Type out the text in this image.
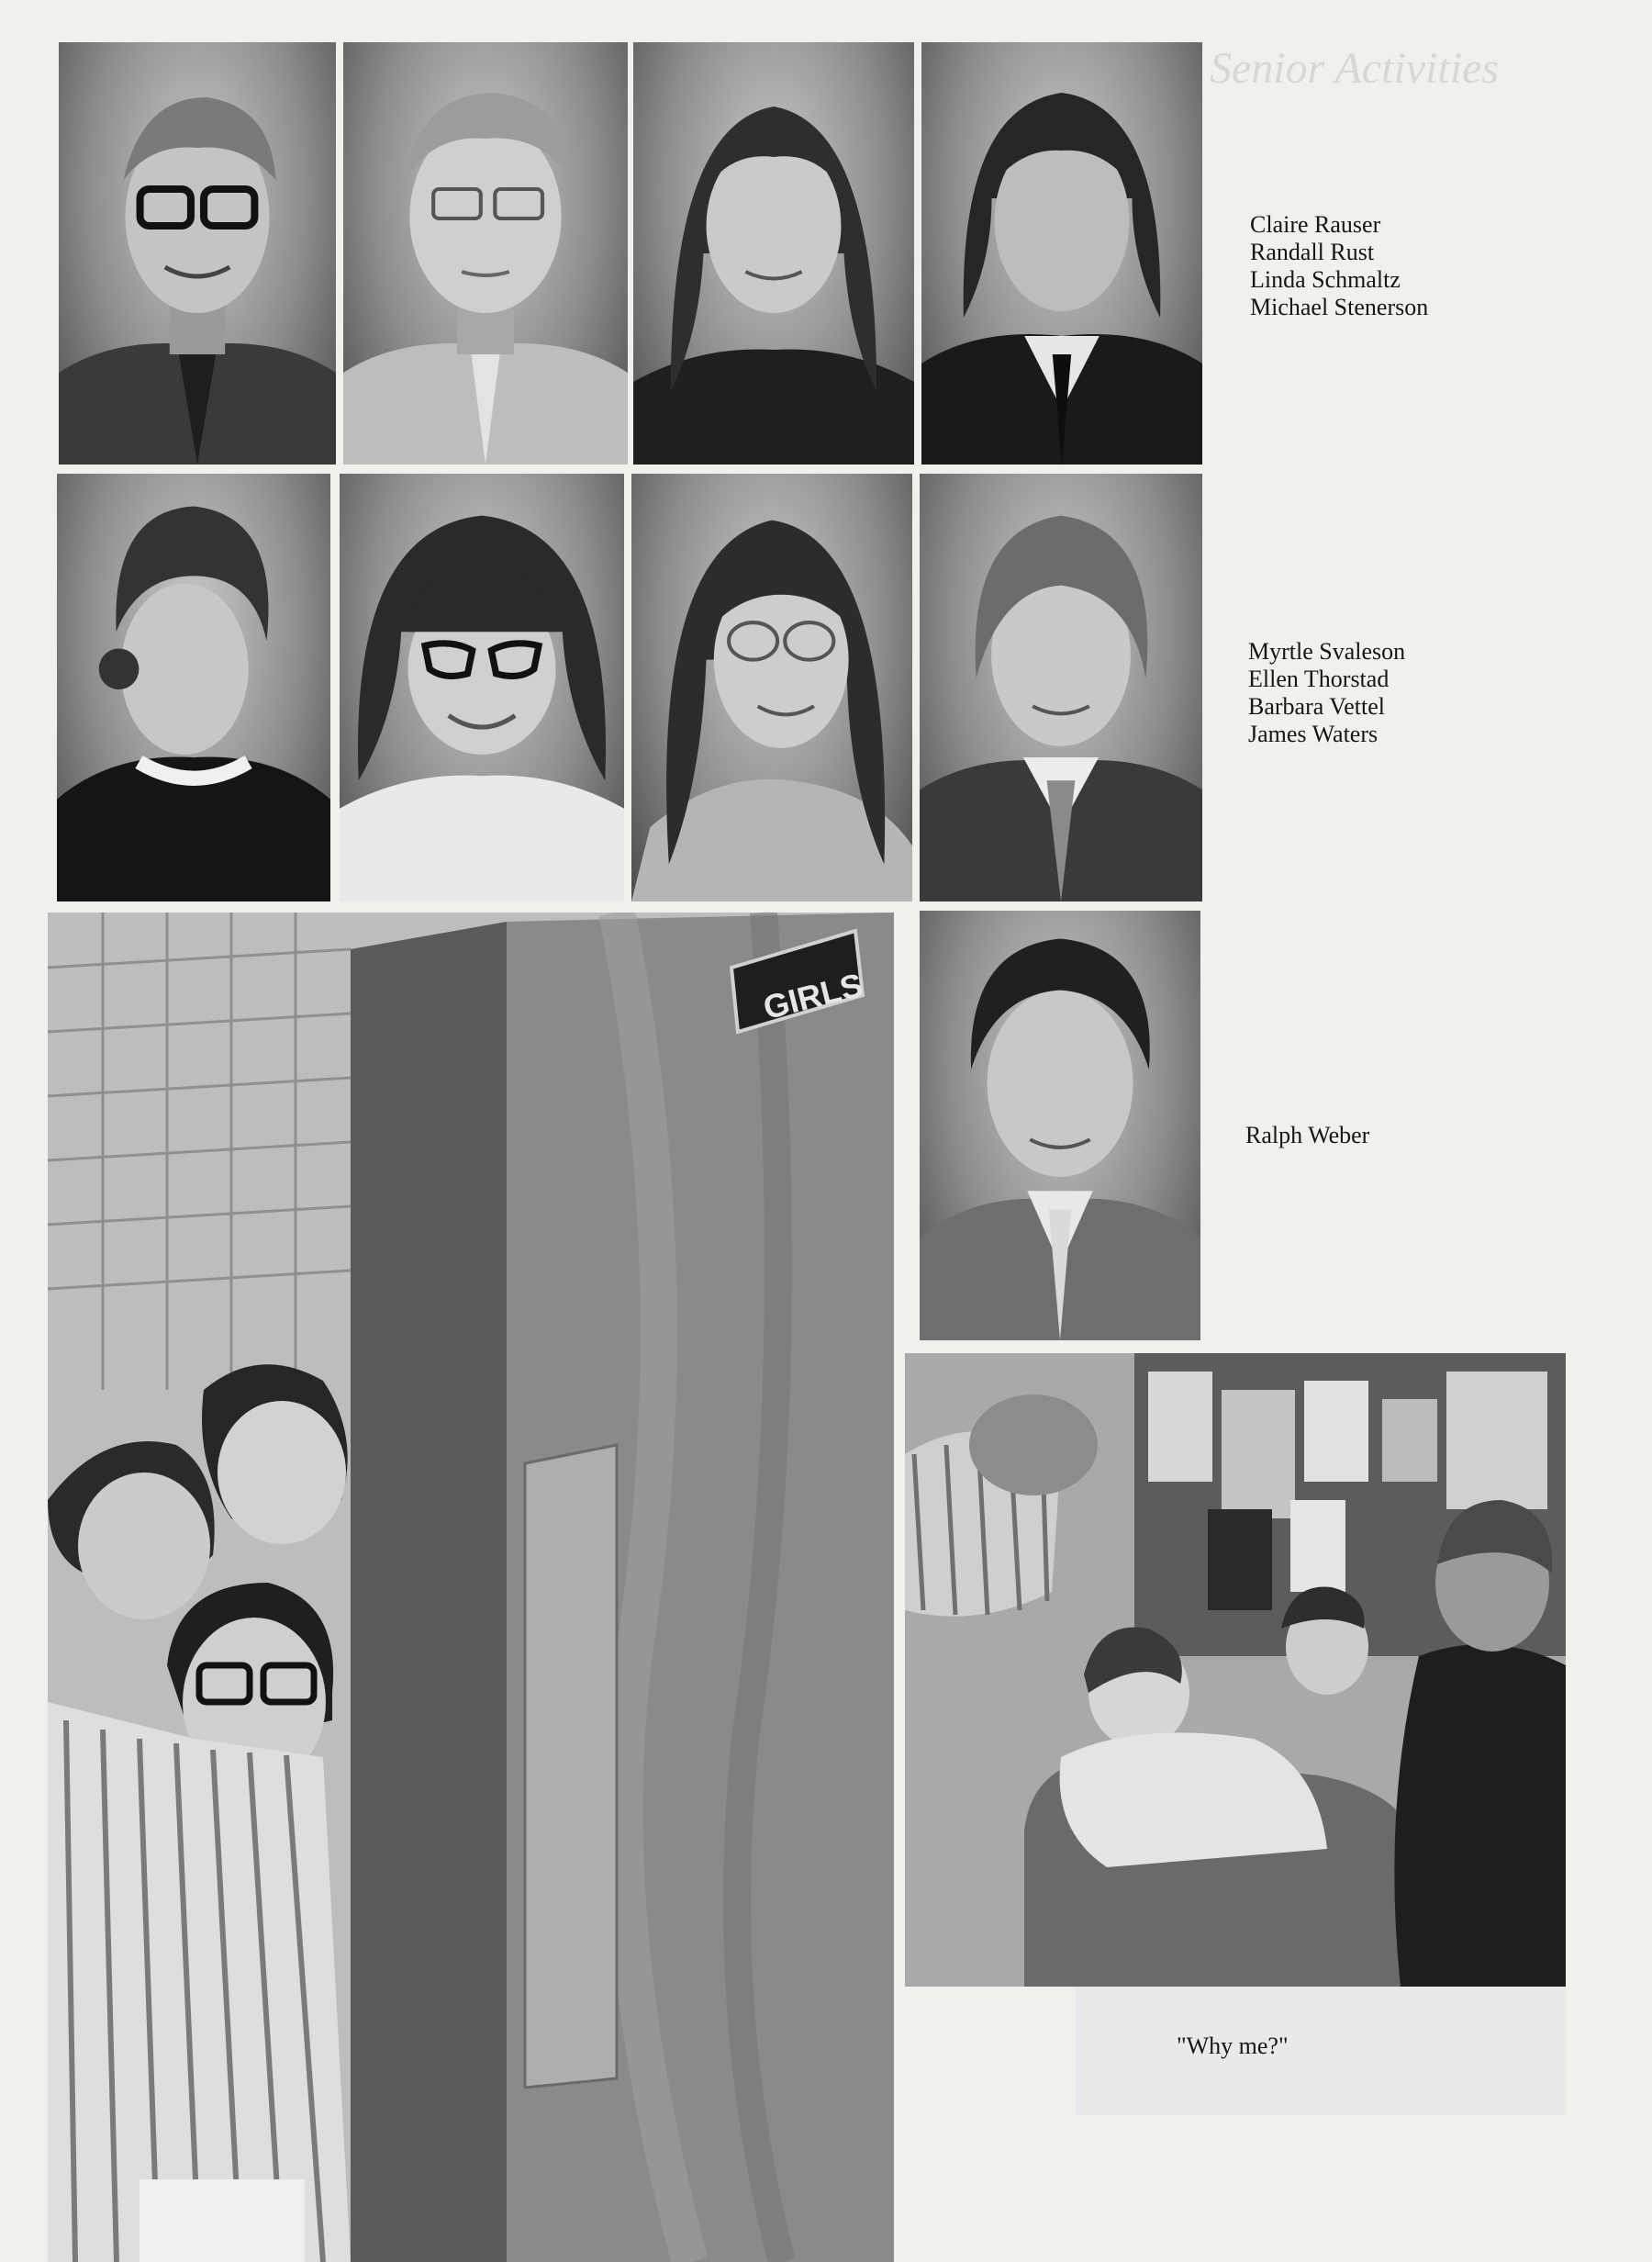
Senior Activities
Claire Rauser
Randall Rust
Linda Schmaltz
Michael Stenerson
Myrtle Svaleson
Ellen Thorstad
Barbara Vettel
James Waters
Ralph Weber
GIRLS
"Why me?"
